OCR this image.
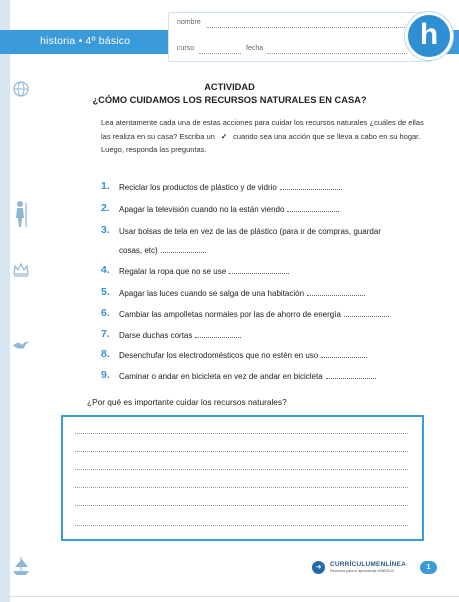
historia • 4º básico
nombre
curso	fecha	h
ACTIVIDAD
¿CÓMO CUIDAMOS LOS RECURSOS NATURALES EN CASA?
Lea atentamente cada una de estas acciones para cuidar los recursos naturales ¿cuáles de ellas
las realiza en su casa? Escriba un ✓ cuando sea una acción que se lleva a cabo en su hogar.
Luego, responda las preguntas.
1.	Reciclar los productos de plástico y de vidrio
2.	Apagar la televisión cuando no la están viendo
3.	Usar bolsas de tela en vez de las de plástico (para ir de compras, guardar
cosas, etc)
4.	Regalar la ropa que no se use
5.	Apagar las luces cuando se salga de una habitación
6.	Cambiar las ampolletas normales por las de ahorro de energía
7.	Darse duchas cortas
8.	Desenchufar los electrodomésticos que no estén en uso
9.	Caminar o andar en bicicleta en vez de andar en bicicleta
¿Por qué es importante cuidar los recursos naturales?
➜	CURRÍCULUMENLÍNEA
Recursos para el aprendizaje MINEDUC	1
